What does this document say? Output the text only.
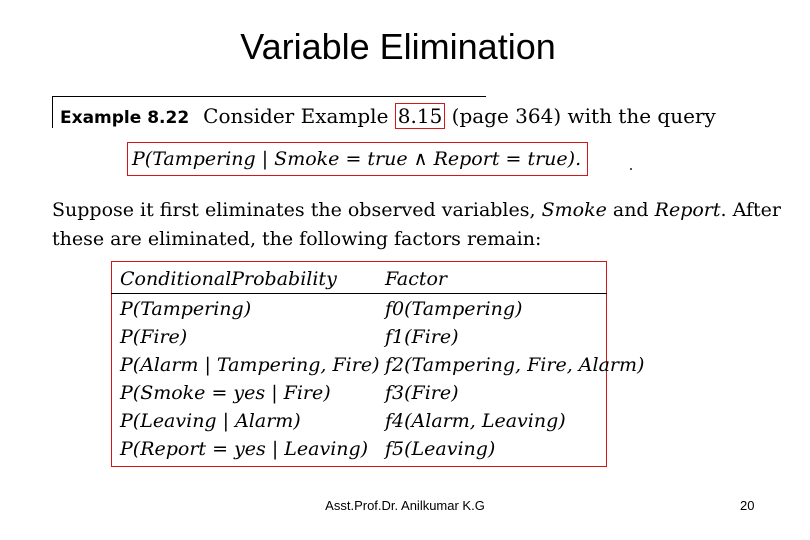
Variable Elimination
Example 8.22 Consider Example 8.15 (page 364) with the query
P(Tampering | Smoke = true ∧ Report = true).
Suppose it first eliminates the observed variables, Smoke and Report. After these are eliminated, the following factors remain:
ConditionalProbability	Factor
P(Tampering)	f0(Tampering)
P(Fire)	f1(Fire)
P(Alarm | Tampering, Fire) f2(Tampering, Fire, Alarm)
P(Smoke = yes | Fire)	f3(Fire)
P(Leaving | Alarm)	f4(Alarm, Leaving)
P(Report = yes | Leaving) f5(Leaving)
Asst.Prof.Dr. Anilkumar K.G	20
